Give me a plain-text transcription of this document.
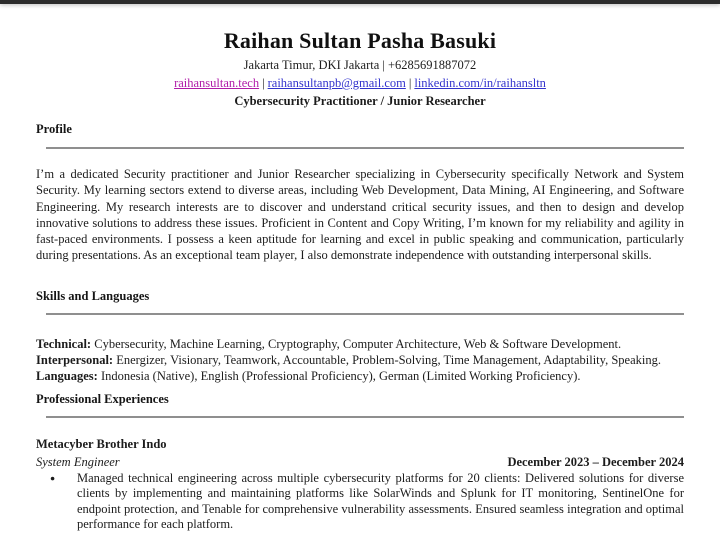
Raihan Sultan Pasha Basuki
Jakarta Timur, DKI Jakarta | +6285691887072
raihansultan.tech | raihansultanpb@gmail.com | linkedin.com/in/raihansltn
Cybersecurity Practitioner / Junior Researcher
Profile
I’m a dedicated Security practitioner and Junior Researcher specializing in Cybersecurity specifically Network and System Security. My learning sectors extend to diverse areas, including Web Development, Data Mining, AI Engineering, and Software Engineering. My research interests are to discover and understand critical security issues, and then to design and develop innovative solutions to address these issues. Proficient in Content and Copy Writing, I’m known for my reliability and agility in fast-paced environments. I possess a keen aptitude for learning and excel in public speaking and communication, particularly during presentations. As an exceptional team player, I also demonstrate independence with outstanding interpersonal skills.
Skills and Languages
Technical: Cybersecurity, Machine Learning, Cryptography, Computer Architecture, Web & Software Development.
Interpersonal: Energizer, Visionary, Teamwork, Accountable, Problem-Solving, Time Management, Adaptability, Speaking.
Languages: Indonesia (Native), English (Professional Proficiency), German (Limited Working Proficiency).
Professional Experiences
Metacyber Brother Indo
System Engineer	December 2023 – December 2024
●	Managed technical engineering across multiple cybersecurity platforms for 20 clients: Delivered solutions for diverse clients by implementing and maintaining platforms like SolarWinds and Splunk for IT monitoring, SentinelOne for endpoint protection, and Tenable for comprehensive vulnerability assessments. Ensured seamless integration and optimal performance for each platform.
